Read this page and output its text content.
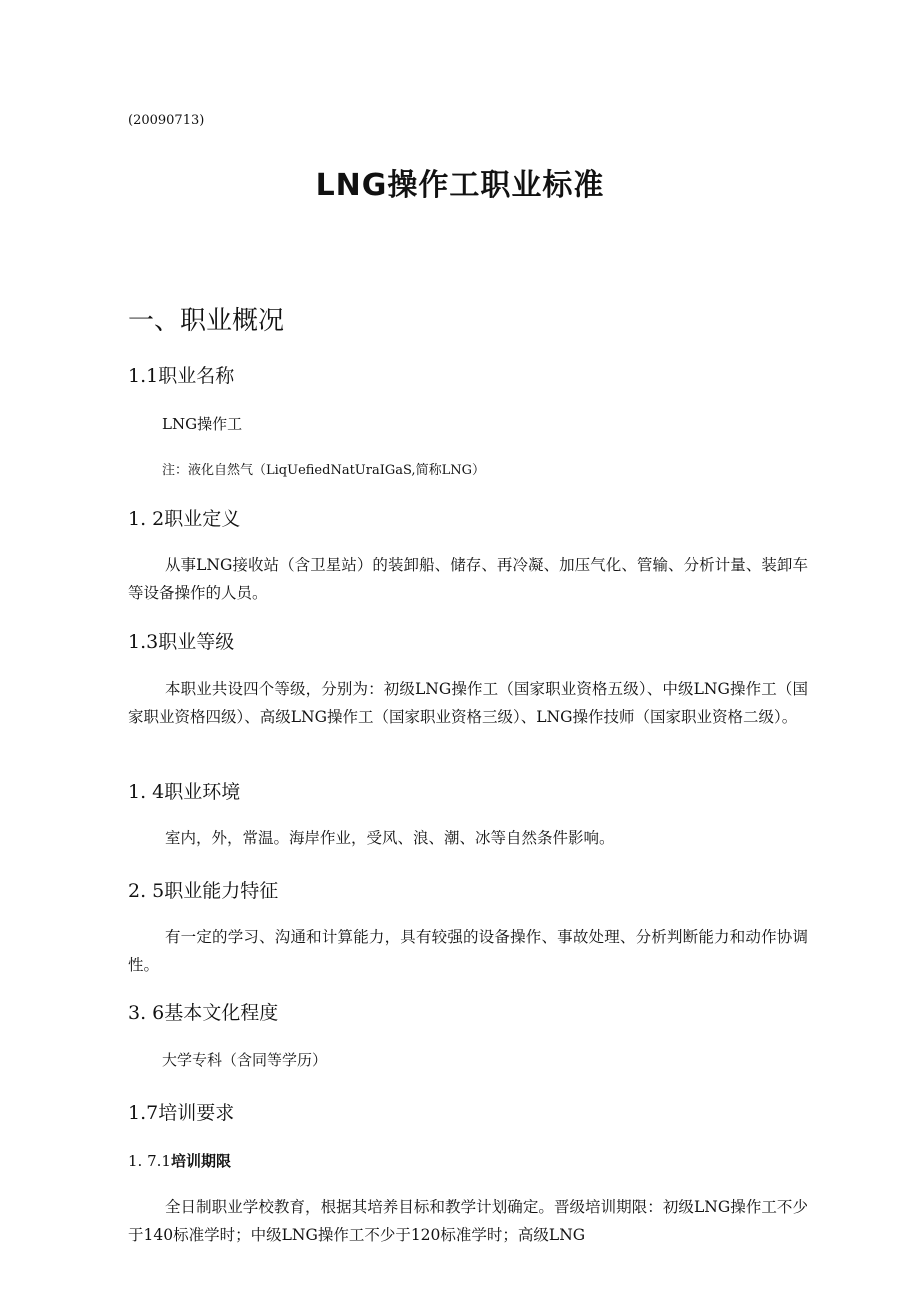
(20090713)
LNG操作工职业标准
一、职业概况
1.1职业名称
LNG操作工
注：液化自然气（LiqUefiedNatUraIGaS,简称LNG）
1. 2职业定义
从事LNG接收站（含卫星站）的装卸船、储存、再冷凝、加压气化、管输、分析计量、装卸车等设备操作的人员。
1.3职业等级
本职业共设四个等级，分别为：初级LNG操作工（国家职业资格五级）、中级LNG操作工（国家职业资格四级）、高级LNG操作工（国家职业资格三级）、LNG操作技师（国家职业资格二级）。
1. 4职业环境
室内，外，常温。海岸作业，受风、浪、潮、冰等自然条件影响。
2. 5职业能力特征
有一定的学习、沟通和计算能力，具有较强的设备操作、事故处理、分析判断能力和动作协调性。
3. 6基本文化程度
大学专科（含同等学历）
1.7培训要求
1. 7.1培训期限
全日制职业学校教育，根据其培养目标和教学计划确定。晋级培训期限：初级LNG操作工不少于140标准学时；中级LNG操作工不少于120标准学时；高级LNG
